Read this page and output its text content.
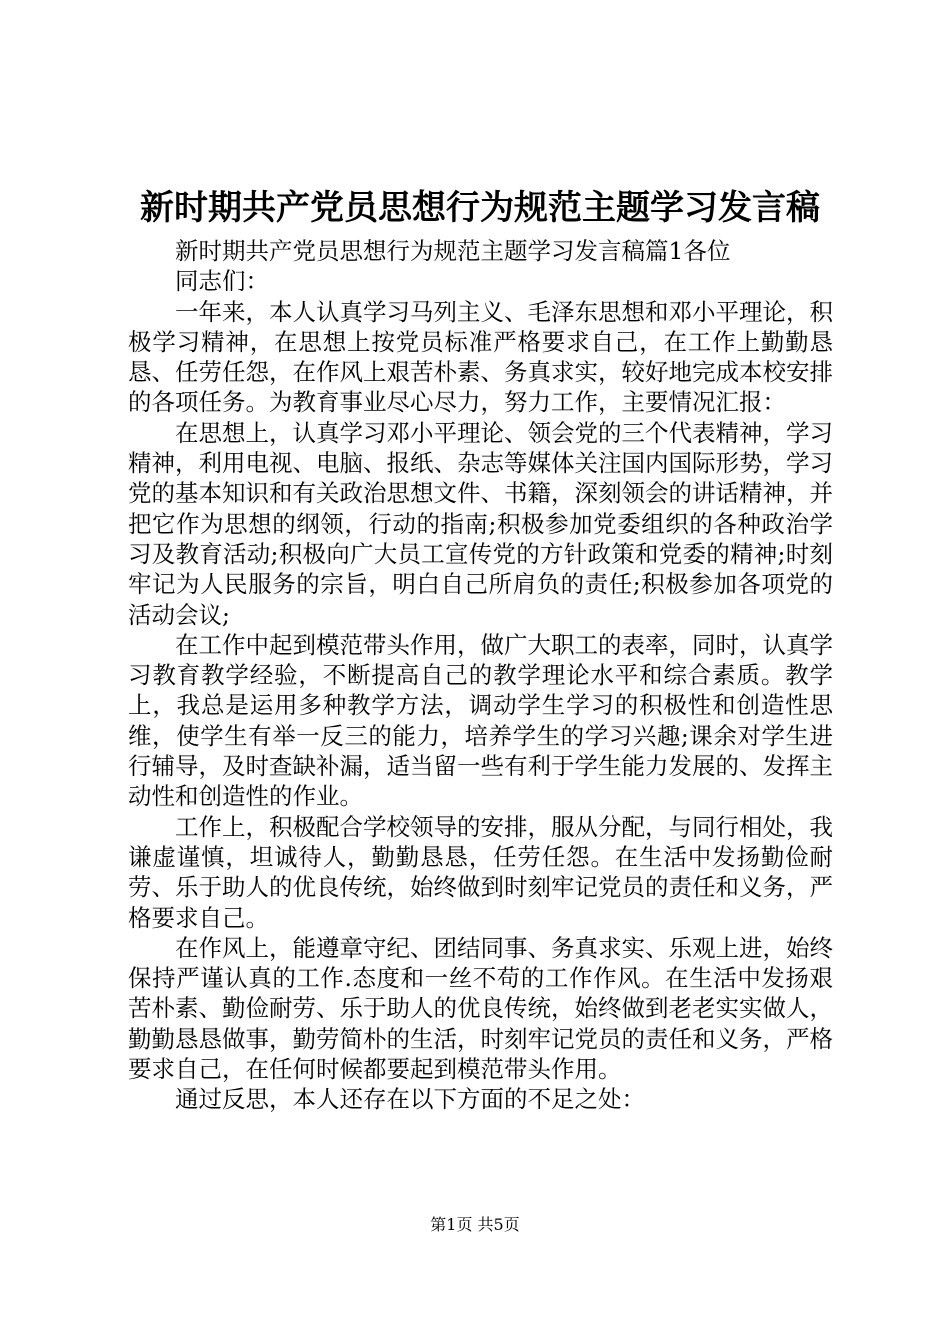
新时期共产党员思想行为规范主题学习发言稿

新时期共产党员思想行为规范主题学习发言稿篇1各位

同志们：

一年来，本人认真学习马列主义、毛泽东思想和邓小平理论，积极学习精神，在思想上按党员标准严格要求自己，在工作上勤勤恳恳、任劳任怨，在作风上艰苦朴素、务真求实，较好地完成本校安排的各项任务。为教育事业尽心尽力，努力工作，主要情况汇报：

在思想上，认真学习邓小平理论、领会党的三个代表精神，学习精神，利用电视、电脑、报纸、杂志等媒体关注国内国际形势，学习党的基本知识和有关政治思想文件、书籍，深刻领会的讲话精神，并把它作为思想的纲领，行动的指南;积极参加党委组织的各种政治学习及教育活动;积极向广大员工宣传党的方针政策和党委的精神;时刻牢记为人民服务的宗旨，明白自己所肩负的责任;积极参加各项党的活动会议;

在工作中起到模范带头作用，做广大职工的表率，同时，认真学习教育教学经验，不断提高自己的教学理论水平和综合素质。教学上，我总是运用多种教学方法，调动学生学习的积极性和创造性思维，使学生有举一反三的能力，培养学生的学习兴趣;课余对学生进行辅导，及时查缺补漏，适当留一些有利于学生能力发展的、发挥主动性和创造性的作业。

工作上，积极配合学校领导的安排，服从分配，与同行相处，我谦虚谨慎，坦诚待人，勤勤恳恳，任劳任怨。在生活中发扬勤俭耐劳、乐于助人的优良传统，始终做到时刻牢记党员的责任和义务，严格要求自己。

在作风上，能遵章守纪、团结同事、务真求实、乐观上进，始终保持严谨认真的工作.态度和一丝不苟的工作作风。在生活中发扬艰苦朴素、勤俭耐劳、乐于助人的优良传统，始终做到老老实实做人，勤勤恳恳做事，勤劳简朴的生活，时刻牢记党员的责任和义务，严格要求自己，在任何时候都要起到模范带头作用。

通过反思，本人还存在以下方面的不足之处：

第1页 共5页
